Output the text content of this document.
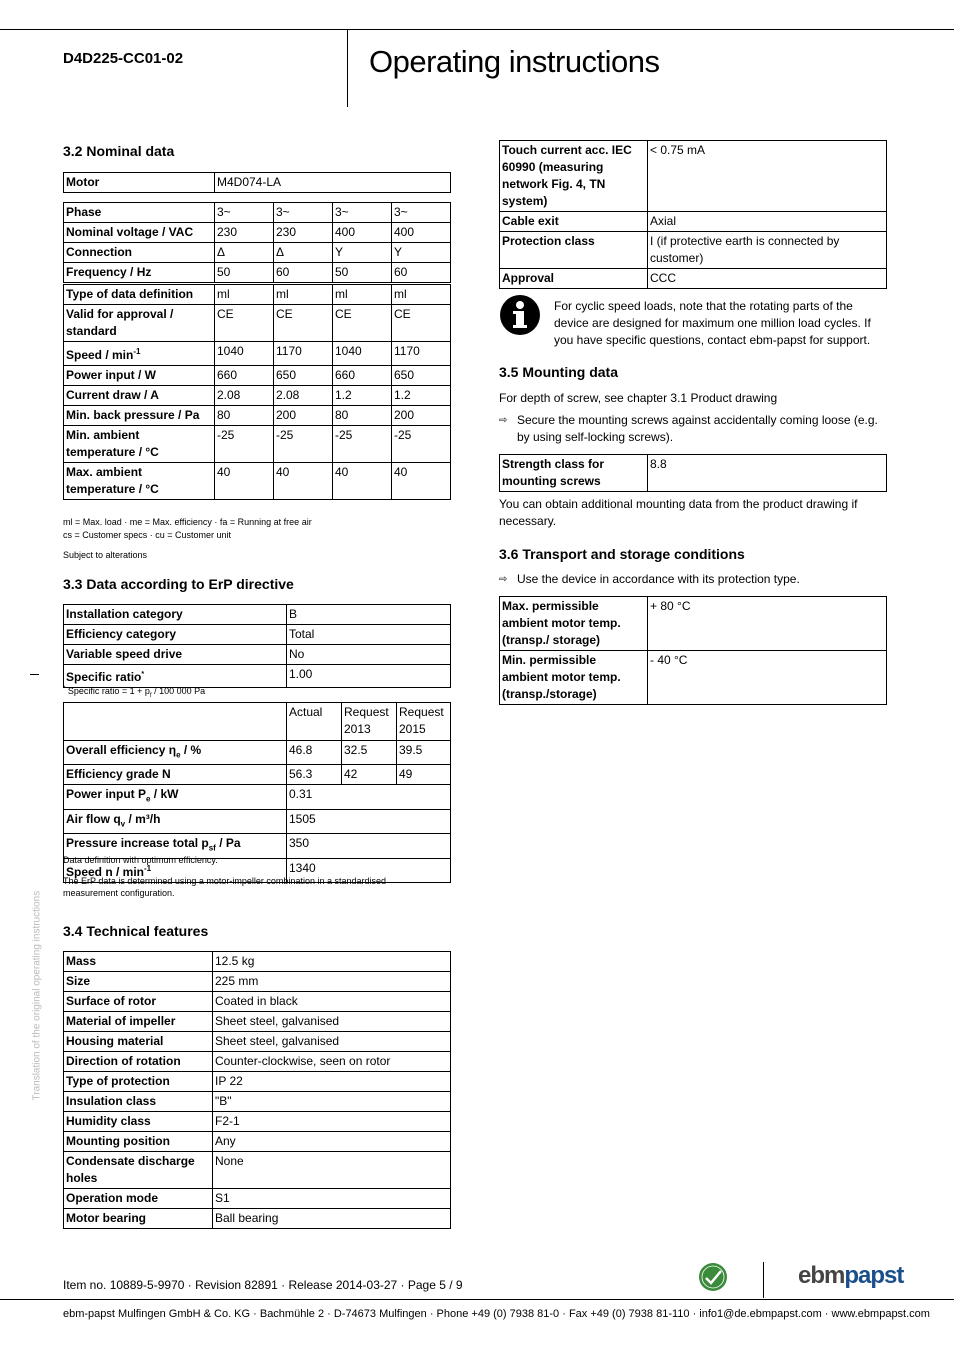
D4D225-CC01-02	Operating instructions
Translation of the original operating instructions
3.2 Nominal data
Motor	M4D074-LA
Phase	3~	3~	3~	3~
Nominal voltage / VAC	230	230	400	400
Connection	Δ	Δ	Y	Y
Frequency / Hz	50	60	50	60
Type of data definition	ml	ml	ml	ml
Valid for approval / standard	CE	CE	CE	CE
Speed / $\min^{-1}$	1040	1170	1040	1170
Power input / W	660	650	660	650
Current draw / A	2.08	2.08	1.2	1.2
Min. back pressure / Pa	80	200	80	200
Min. ambient temperature / °C	-25	-25	-25	-25
Max. ambient temperature / °C	40	40	40	40
ml = Max. load · me = Max. efficiency · fa = Running at free air
cs = Customer specs · cu = Customer unit
Subject to alterations
3.3 Data according to ErP directive
Installation category	B
Efficiency category	Total
Variable speed drive	No
Specific ratio*	1.00
* Specific ratio = $1 + p_f / 100$ 000 Pa
	Actual	Request 2013	Request 2015
Overall efficiency $\eta_e$ / %	46.8	32.5	39.5
Efficiency grade N	56.3	42	49
Power input $P_e$ / kW	0.31		
Air flow $q_v / m^3/h$	1505		
Pressure increase total $p_{sf}$ / Pa	350		
Speed n / $\min^{-1}$	1340		
Data definition with optimum efficiency.
The ErP data is determined using a motor-impeller combination in a standardised measurement configuration.
3.4 Technical features
Mass	12.5 kg
Size	225 mm
Surface of rotor	Coated in black
Material of impeller	Sheet steel, galvanised
Housing material	Sheet steel, galvanised
Direction of rotation	Counter-clockwise, seen on rotor
Type of protection	IP 22
Insulation class	"B"
Humidity class	F2-1
Mounting position	Any
Condensate discharge holes	None
Operation mode	S1
Motor bearing	Ball bearing
Touch current acc. IEC 60990 (measuring network Fig. 4, TN system)	< 0.75 mA
Cable exit	Axial
Protection class	I (if protective earth is connected by customer)
Approval	CCC
For cyclic speed loads, note that the rotating parts of the device are designed for maximum one million load cycles. If you have specific questions, contact ebm-papst for support.
3.5 Mounting data
For depth of screw, see chapter 3.1 Product drawing
⇨ Secure the mounting screws against accidentally coming loose (e.g. by using self-locking screws).
Strength class for mounting screws	8.8
You can obtain additional mounting data from the product drawing if necessary.
3.6 Transport and storage conditions
⇨ Use the device in accordance with its protection type.
Max. permissible ambient motor temp. (transp./ storage)	+ 80 °C
Min. permissible ambient motor temp. (transp./storage)	- 40 °C
Item no. 10889-5-9970 · Revision 82891 · Release 2014-03-27 · Page 5 / 9	ebmpapst
ebm-papst Mulfingen GmbH & Co. KG · Bachmühle 2 · D-74673 Mulfingen · Phone +49 (0) 7938 81-0 · Fax +49 (0) 7938 81-110 · info1@de.ebmpapst.com · www.ebmpapst.com
